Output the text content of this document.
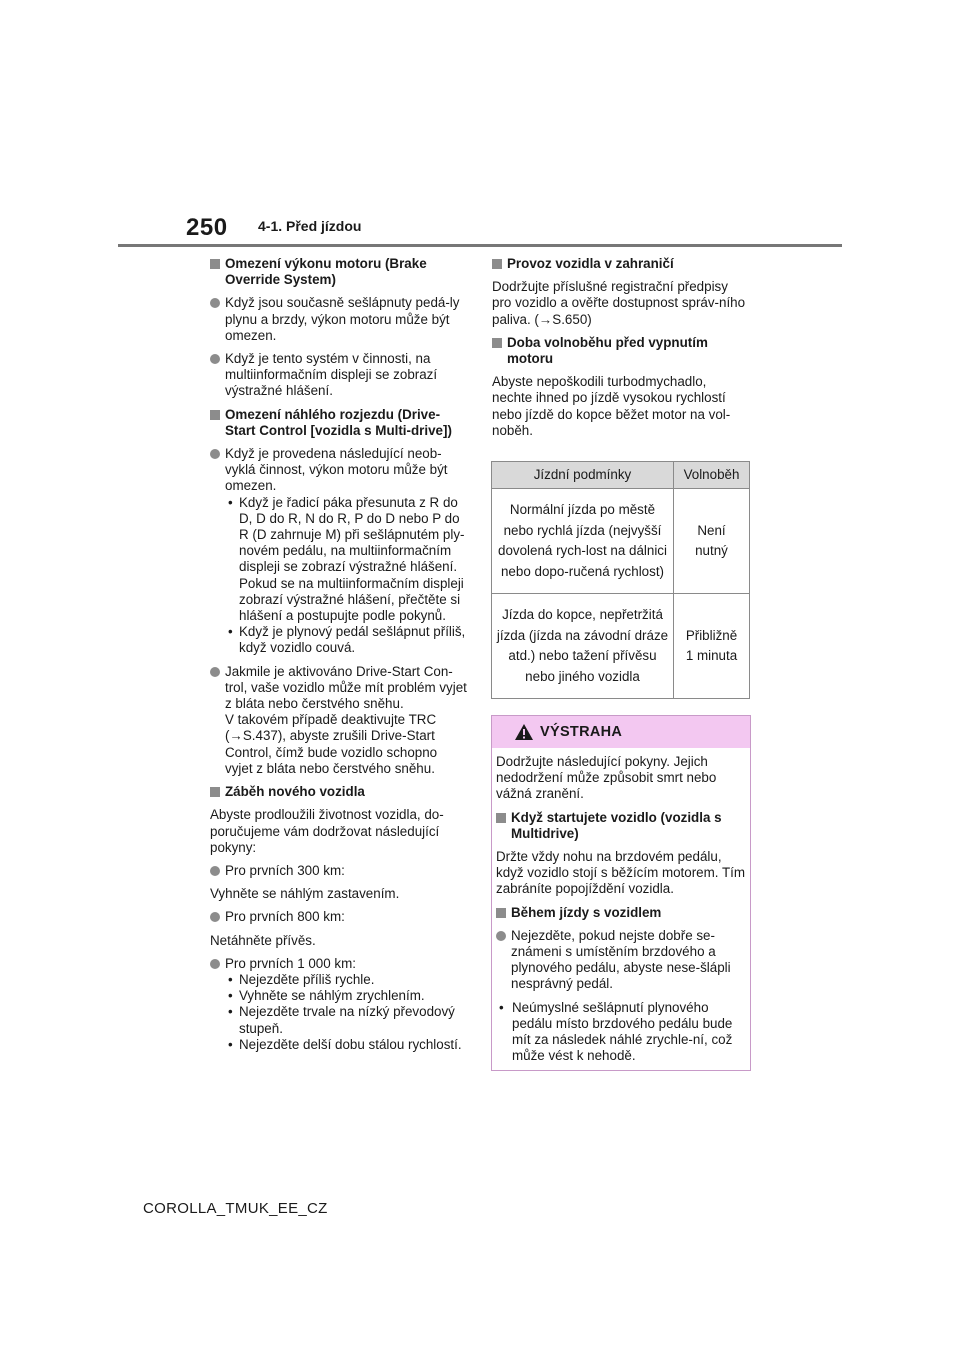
250 4-1. Před jízdou
Omezení výkonu motoru (Brake Override System)
Když jsou současně sešlápnuty pedá-ly plynu a brzdy, výkon motoru může být omezen.
Když je tento systém v činnosti, na multiinformačním displeji se zobrazí výstražné hlášení.
Omezení náhlého rozjezdu (Drive-Start Control [vozidla s Multi-drive])
Když je provedena následující neob-vyklá činnost, výkon motoru může být omezen.
• Když je řadicí páka přesunuta z R do D, D do R, N do R, P do D nebo P do R (D zahrnuje M) při sešlápnutém ply-novém pedálu, na multiinformačním displeji se zobrazí výstražné hlášení. Pokud se na multiinformačním displeji zobrazí výstražné hlášení, přečtěte si hlášení a postupujte podle pokynů.
• Když je plynový pedál sešlápnut příliš, když vozidlo couvá.
Jakmile je aktivováno Drive-Start Con-trol, vaše vozidlo může mít problém vyjet z bláta nebo čerstvého sněhu.
V takovém případě deaktivujte TRC (→S.437), abyste zrušili Drive-Start Control, čímž bude vozidlo schopno vyjet z bláta nebo čerstvého sněhu.
Záběh nového vozidla
Abyste prodloužili životnost vozidla, do-poručujeme vám dodržovat následující pokyny:
Pro prvních 300 km:
Vyhněte se náhlým zastavením.
Pro prvních 800 km:
Netáhněte přívěs.
Pro prvních 1 000 km:
• Nejezděte příliš rychle.
• Vyhněte se náhlým zrychlením.
• Nejezděte trvale na nízký převodový stupeň.
• Nejezděte delší dobu stálou rychlostí.
Provoz vozidla v zahraničí
Dodržujte příslušné registrační předpisy pro vozidlo a ověřte dostupnost správ-ního paliva. (→S.650)
Doba volnoběhu před vypnutím motoru
Abyste nepoškodili turbodmychadlo, nechte ihned po jízdě vysokou rychlostí nebo jízdě do kopce běžet motor na vol-noběh.
Jízdní podmínky	Volnoběh
Normální jízda po městě nebo rychlá jízda (nejvyšší dovolená rych-lost na dálnici nebo dopo-ručená rychlost)	Není nutný
Jízda do kopce, nepřetržitá jízda (jízda na závodní dráze atd.) nebo tažení přívěsu nebo jiného vozidla	Přibližně 1 minuta
VÝSTRAHA
Dodržujte následující pokyny. Jejich nedodržení může způsobit smrt nebo vážná zranění.
Když startujete vozidlo (vozidla s Multidrive)
Držte vždy nohu na brzdovém pedálu, když vozidlo stojí s běžícím motorem. Tím zabráníte popojíždění vozidla.
Během jízdy s vozidlem
Nejezděte, pokud nejste dobře se-známeni s umístěním brzdového a plynového pedálu, abyste nese-šlápli nesprávný pedál.
• Neúmyslné sešlápnutí plynového pedálu místo brzdového pedálu bude mít za následek náhlé zrychle-ní, což může vést k nehodě.
COROLLA_TMUK_EE_CZ
